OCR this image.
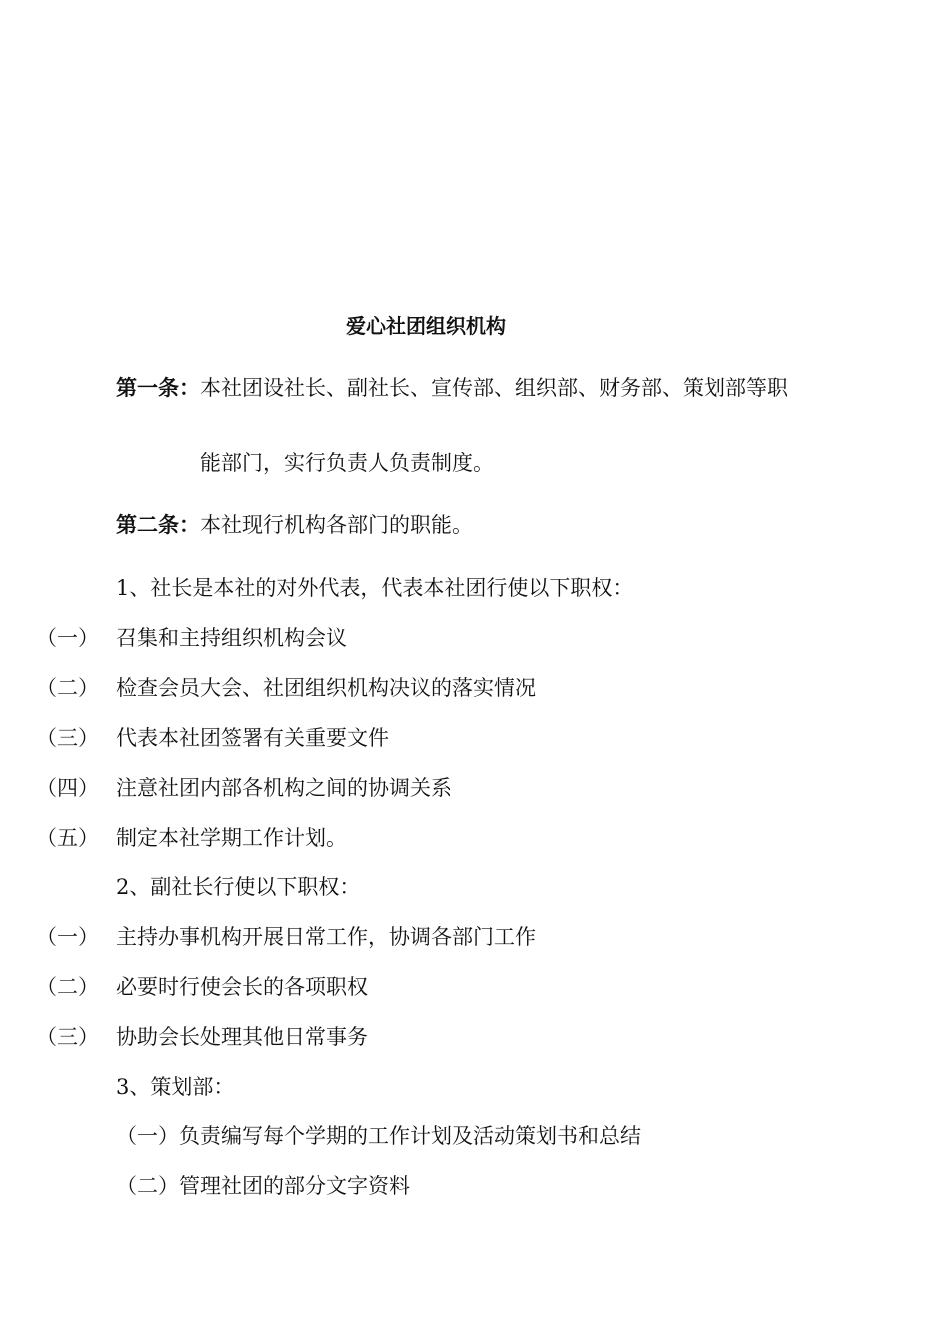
爱心社团组织机构
第一条：本社团设社长、副社长、宣传部、组织部、财务部、策划部等职
能部门，实行负责人负责制度。
第二条：本社现行机构各部门的职能。
1、社长是本社的对外代表，代表本社团行使以下职权：
（一） 召集和主持组织机构会议
（二） 检查会员大会、社团组织机构决议的落实情况
（三） 代表本社团签署有关重要文件
（四） 注意社团内部各机构之间的协调关系
（五） 制定本社学期工作计划。
2、副社长行使以下职权：
（一） 主持办事机构开展日常工作，协调各部门工作
（二） 必要时行使会长的各项职权
（三） 协助会长处理其他日常事务
3、策划部：
（一）负责编写每个学期的工作计划及活动策划书和总结
（二）管理社团的部分文字资料
